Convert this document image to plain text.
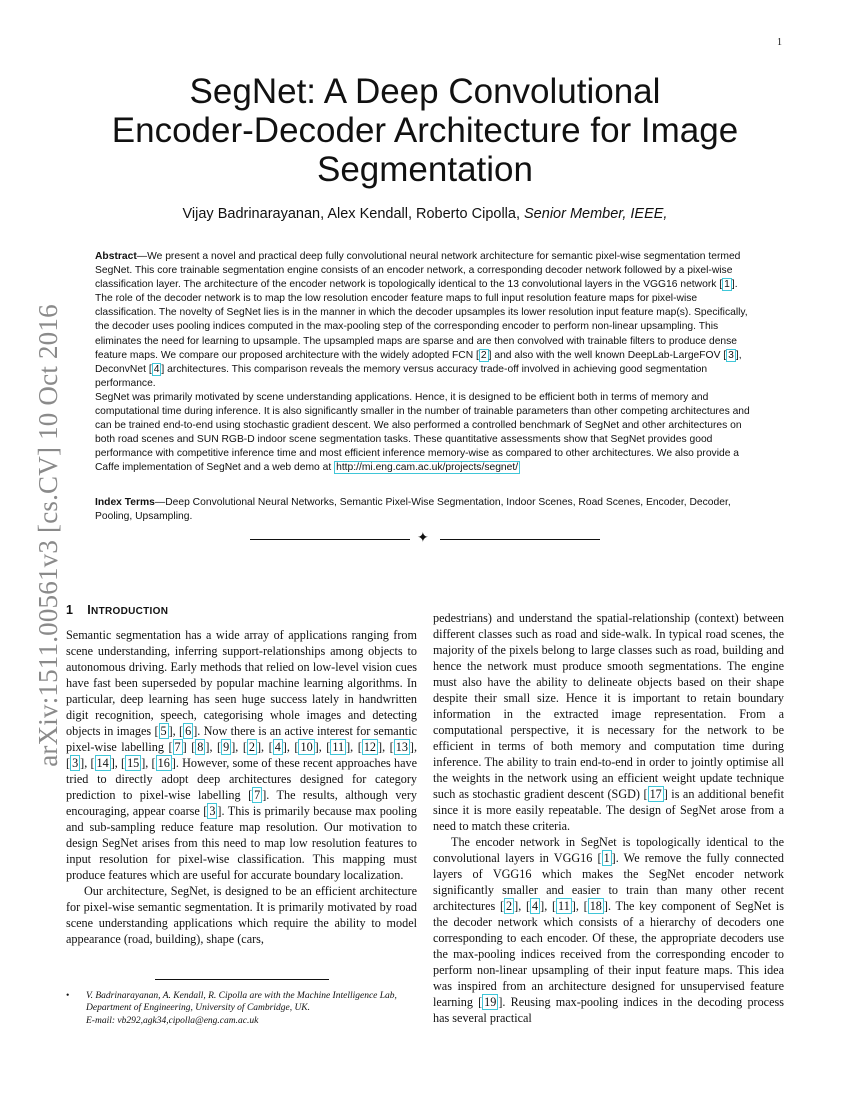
1
arXiv:1511.00561v3 [cs.CV] 10 Oct 2016
SegNet: A Deep Convolutional
Encoder-Decoder Architecture for Image
Segmentation
Vijay Badrinarayanan, Alex Kendall, Roberto Cipolla, Senior Member, IEEE,

Abstract—We present a novel and practical deep fully convolutional neural network architecture for semantic pixel-wise segmentation termed SegNet. This core trainable segmentation engine consists of an encoder network, a corresponding decoder network followed by a pixel-wise classification layer. The architecture of the encoder network is topologically identical to the 13 convolutional layers in the VGG16 network [ 1 ]. The role of the decoder network is to map the low resolution encoder feature maps to full input resolution feature maps for pixel-wise classification. The novelty of SegNet lies is in the manner in which the decoder upsamples its lower resolution input feature map(s). Specifically, the decoder uses pooling indices computed in the max-pooling step of the corresponding encoder to perform non-linear upsampling. This eliminates the need for learning to upsample. The upsampled maps are sparse and are then convolved with trainable filters to produce dense feature maps. We compare our proposed architecture with the widely adopted FCN [ 2 ] and also with the well known DeepLab-LargeFOV [ 3 ], DeconvNet [ 4 ] architectures. This comparison reveals the memory versus accuracy trade-off involved in achieving good segmentation performance.

SegNet was primarily motivated by scene understanding applications. Hence, it is designed to be efficient both in terms of memory and computational time during inference. It is also significantly smaller in the number of trainable parameters than other competing architectures and can be trained end-to-end using stochastic gradient descent. We also performed a controlled benchmark of SegNet and other architectures on both road scenes and SUN RGB-D indoor scene segmentation tasks. These quantitative assessments show that SegNet provides good performance with competitive inference time and most efficient inference memory-wise as compared to other architectures. We also provide a Caffe implementation of SegNet and a web demo at http://mi.eng.cam.ac.uk/projects/segnet/

Index Terms—Deep Convolutional Neural Networks, Semantic Pixel-Wise Segmentation, Indoor Scenes, Road Scenes, Encoder, Decoder, Pooling, Upsampling.
✦
1 INTRODUCTION

Semantic segmentation has a wide array of applications ranging from scene understanding, inferring support-relationships among objects to autonomous driving. Early methods that relied on low-level vision cues have fast been superseded by popular machine learning algorithms. In particular, deep learning has seen huge success lately in handwritten digit recognition, speech, categorising whole images and detecting objects in images [ 5 ], [ 6 ]. Now there is an active interest for semantic pixel-wise labelling [ 7 ] [ 8 ], [ 9 ], [ 2 ], [ 4 ], [ 10 ], [ 11 ], [ 12 ], [ 13 ], [ 3 ], [ 14 ], [ 15 ], [ 16 ]. However, some of these recent approaches have tried to directly adopt deep architectures designed for category prediction to pixel-wise labelling [ 7 ]. The results, although very encouraging, appear coarse [ 3 ]. This is primarily because max pooling and sub-sampling reduce feature map resolution. Our motivation to design SegNet arises from this need to map low resolution features to input resolution for pixel-wise classification. This mapping must produce features which are useful for accurate boundary localization.

Our architecture, SegNet, is designed to be an efficient architecture for pixel-wise semantic segmentation. It is primarily motivated by road scene understanding applications which require the ability to model appearance (road, building), shape (cars,

pedestrians) and understand the spatial-relationship (context) between different classes such as road and side-walk. In typical road scenes, the majority of the pixels belong to large classes such as road, building and hence the network must produce smooth segmentations. The engine must also have the ability to delineate objects based on their shape despite their small size. Hence it is important to retain boundary information in the extracted image representation. From a computational perspective, it is necessary for the network to be efficient in terms of both memory and computation time during inference. The ability to train end-to-end in order to jointly optimise all the weights in the network using an efficient weight update technique such as stochastic gradient descent (SGD) [ 17 ] is an additional benefit since it is more easily repeatable. The design of SegNet arose from a need to match these criteria.

The encoder network in SegNet is topologically identical to the convolutional layers in VGG16 [ 1 ]. We remove the fully connected layers of VGG16 which makes the SegNet encoder network significantly smaller and easier to train than many other recent architectures [ 2 ], [ 4 ], [ 11 ], [ 18 ]. The key component of SegNet is the decoder network which consists of a hierarchy of decoders one corresponding to each encoder. Of these, the appropriate decoders use the max-pooling indices received from the corresponding encoder to perform non-linear upsampling of their input feature maps. This idea was inspired from an architecture designed for unsupervised feature learning [ 19 ]. Reusing max-pooling indices in the decoding process has several practical

• V. Badrinarayanan, A. Kendall, R. Cipolla are with the Machine Intelligence Lab, Department of Engineering, University of Cambridge, UK.
E-mail: vb292,agk34,cipolla@eng.cam.ac.uk
